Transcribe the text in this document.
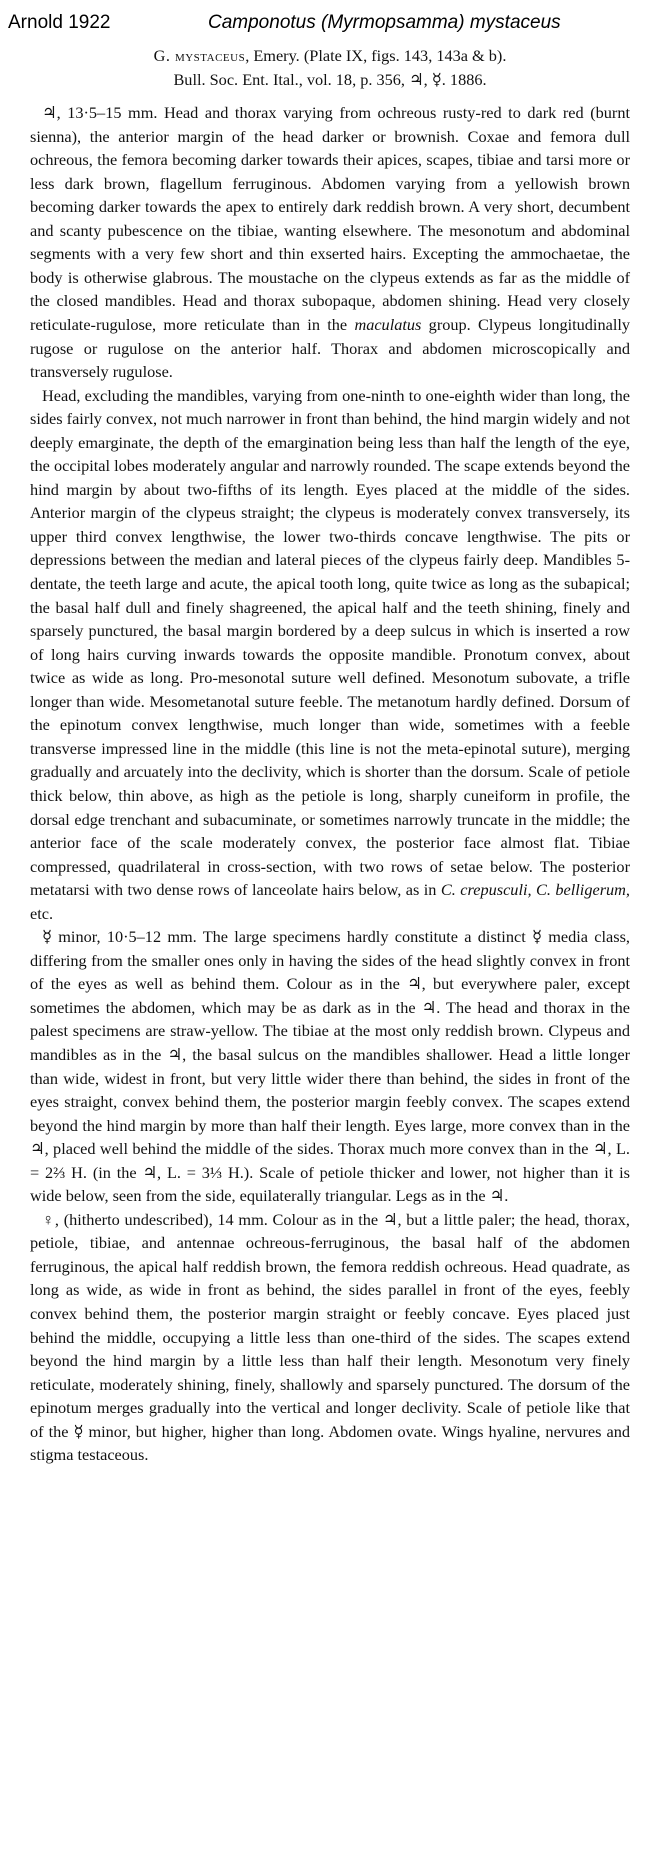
Arnold 1922	Camponotus (Myrmopsamma) mystaceus

G. mystaceus, Emery. (Plate IX, figs. 143, 143a & b).

Bull. Soc. Ent. Ital., vol. 18, p. 356, ♃, ☿. 1886.

♃, 13·5–15 mm. Head and thorax varying from ochreous rusty-red to dark red (burnt sienna), the anterior margin of the head darker or brownish. Coxae and femora dull ochreous, the femora becoming darker towards their apices, scapes, tibiae and tarsi more or less dark brown, flagellum ferruginous. Abdomen varying from a yellowish brown becoming darker towards the apex to entirely dark reddish brown. A very short, decumbent and scanty pubescence on the tibiae, wanting elsewhere. The mesonotum and abdominal segments with a very few short and thin exserted hairs. Excepting the ammochaetae, the body is otherwise glabrous. The moustache on the clypeus extends as far as the middle of the closed mandibles. Head and thorax subopaque, abdomen shining. Head very closely reticulate-rugulose, more reticulate than in the maculatus group. Clypeus longitudinally rugose or rugulose on the anterior half. Thorax and abdomen microscopically and transversely rugulose.

Head, excluding the mandibles, varying from one-ninth to one-eighth wider than long, the sides fairly convex, not much narrower in front than behind, the hind margin widely and not deeply emarginate, the depth of the emargination being less than half the length of the eye, the occipital lobes moderately angular and narrowly rounded. The scape extends beyond the hind margin by about two-fifths of its length. Eyes placed at the middle of the sides. Anterior margin of the clypeus straight; the clypeus is moderately convex transversely, its upper third convex lengthwise, the lower two-thirds concave lengthwise. The pits or depressions between the median and lateral pieces of the clypeus fairly deep. Mandibles 5-dentate, the teeth large and acute, the apical tooth long, quite twice as long as the subapical; the basal half dull and finely shagreened, the apical half and the teeth shining, finely and sparsely punctured, the basal margin bordered by a deep sulcus in which is inserted a row of long hairs curving inwards towards the opposite mandible. Pronotum convex, about twice as wide as long. Pro-mesonotal suture well defined. Mesonotum subovate, a trifle longer than wide. Mesometanotal suture feeble. The metanotum hardly defined. Dorsum of the epinotum convex lengthwise, much longer than wide, sometimes with a feeble transverse impressed line in the middle (this line is not the meta-epinotal suture), merging gradually and arcuately into the declivity, which is shorter than the dorsum. Scale of petiole thick below, thin above, as high as the petiole is long, sharply cuneiform in profile, the dorsal edge trenchant and subacuminate, or sometimes narrowly truncate in the middle; the anterior face of the scale moderately convex, the posterior face almost flat. Tibiae compressed, quadrilateral in cross-section, with two rows of setae below. The posterior metatarsi with two dense rows of lanceolate hairs below, as in C. crepusculi, C. belligerum, etc.

☿ minor, 10·5–12 mm. The large specimens hardly constitute a distinct ☿ media class, differing from the smaller ones only in having the sides of the head slightly convex in front of the eyes as well as behind them. Colour as in the ♃, but everywhere paler, except sometimes the abdomen, which may be as dark as in the ♃. The head and thorax in the palest specimens are straw-yellow. The tibiae at the most only reddish brown. Clypeus and mandibles as in the ♃, the basal sulcus on the mandibles shallower. Head a little longer than wide, widest in front, but very little wider there than behind, the sides in front of the eyes straight, convex behind them, the posterior margin feebly convex. The scapes extend beyond the hind margin by more than half their length. Eyes large, more convex than in the ♃, placed well behind the middle of the sides. Thorax much more convex than in the ♃, L. = 2⅔ H. (in the ♃, L. = 3⅓ H.). Scale of petiole thicker and lower, not higher than it is wide below, seen from the side, equilaterally triangular. Legs as in the ♃.

♀, (hitherto undescribed), 14 mm. Colour as in the ♃, but a little paler; the head, thorax, petiole, tibiae, and antennae ochreous-ferruginous, the basal half of the abdomen ferruginous, the apical half reddish brown, the femora reddish ochreous. Head quadrate, as long as wide, as wide in front as behind, the sides parallel in front of the eyes, feebly convex behind them, the posterior margin straight or feebly concave. Eyes placed just behind the middle, occupying a little less than one-third of the sides. The scapes extend beyond the hind margin by a little less than half their length. Mesonotum very finely reticulate, moderately shining, finely, shallowly and sparsely punctured. The dorsum of the epinotum merges gradually into the vertical and longer declivity. Scale of petiole like that of the ☿ minor, but higher, higher than long. Abdomen ovate. Wings hyaline, nervures and stigma testaceous.
